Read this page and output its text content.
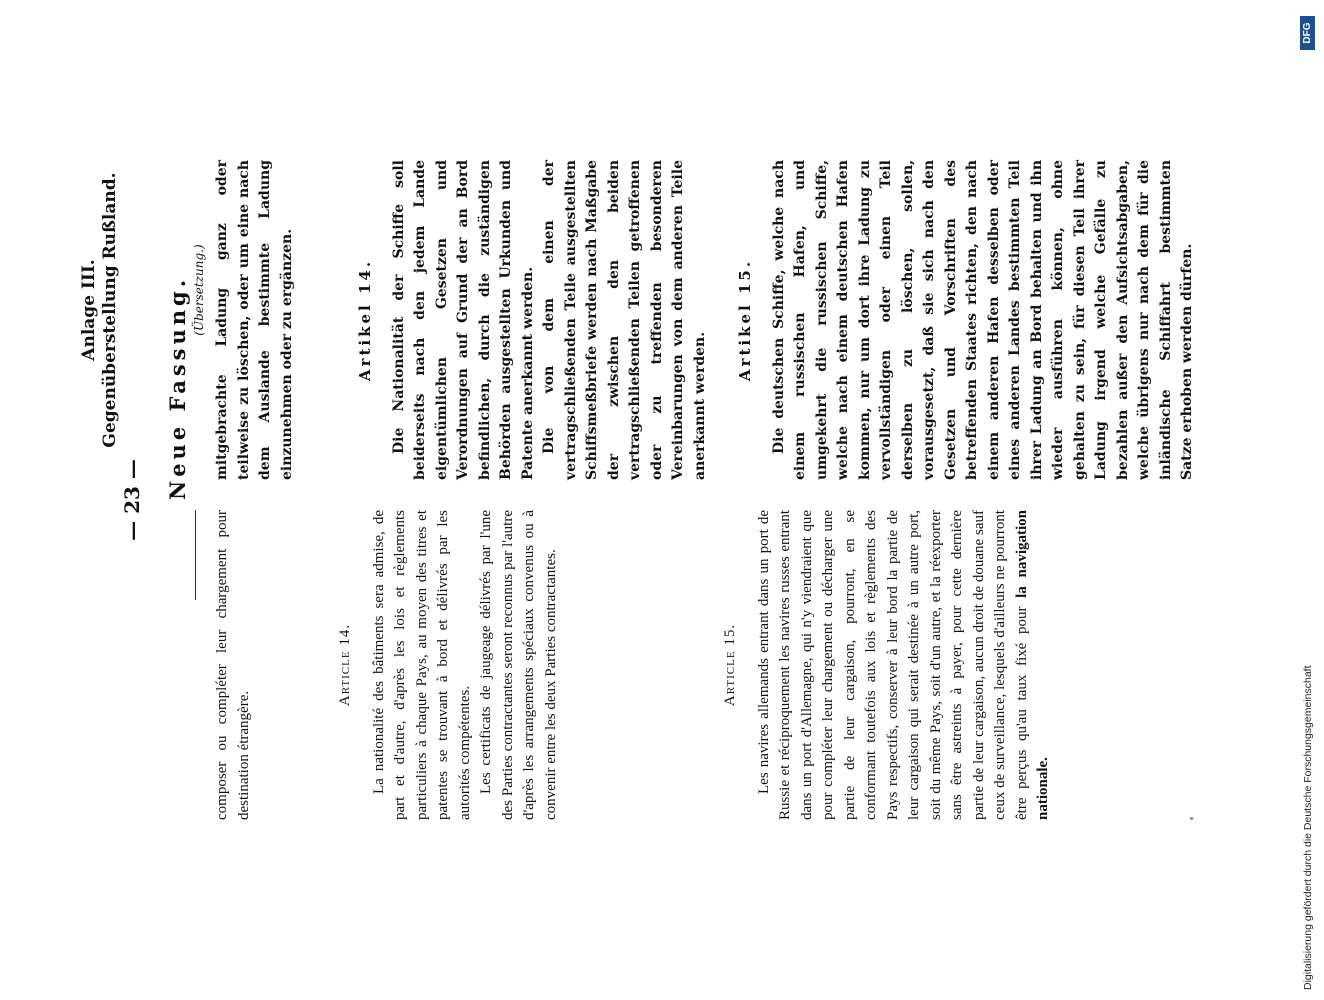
Anlage III. Gegenüberstellung Rußland.
— 23 —
Neue Fassung. (Übersetzung.)

composer ou compléter leur chargement pour destination étrangère.

Article 14. La nationalité des bâtiments sera admise, de part et d'autre, d'après les lois et règlements particuliers à chaque Pays, au moyen des titres et patentes se trouvant à bord et délivrés par les autorités compétentes. Les certificats de jaugeage délivrés par l'une des Parties contractantes seront reconnus par l'autre d'après les arrangements spéciaux convenus ou à convenir entre les deux Parties contractantes.	Article 15. Les navires allemands entrant dans un port de Russie et réciproquement les navires russes entrant dans un port d'Allemagne, qui n'y viendraient que pour compléter leur chargement ou décharger une partie de leur cargaison, pourront, en se conformant toutefois aux lois et règlements des Pays respectifs, conserver à leur bord la partie de leur cargaison qui serait destinée à un autre port, soit du même Pays, soit d'un autre, et la réexporter sans être astreints à payer, pour cette dernière partie de leur cargaison, aucun droit de douane sauf ceux de surveillance, lesquels d'ailleurs ne pourront être perçus qu'au taux fixé pour la navigation nationale.

mitgebrachte Ladung ganz oder teilweise zu löschen, oder um eine nach dem Auslande bestimmte Ladung einzunehmen oder zu ergänzen.	Artikel 14. Die Nationalität der Schiffe soll beiderseits nach den jedem Lande eigentümlichen Gesetzen und Verordnungen auf Grund der an Bord befindlichen, durch die zuständigen Behörden ausgestellten Urkunden und Patente anerkannt werden. Die von dem einen der vertragschließenden Teile ausgestellten Schiffsmeßbriefe werden nach Maßgabe der zwischen den beiden vertragschließenden Teilen getroffenen oder zu treffenden besonderen Vereinbarungen von dem anderen Teile anerkannt werden.

Artikel 15. Die deutschen Schiffe, welche nach einem russischen Hafen, und umgekehrt die russischen Schiffe, welche nach einem deutschen Hafen kommen, nur um dort ihre Ladung zu vervollständigen oder einen Teil derselben zu löschen, sollen, vorausgesetzt, daß sie sich nach den Gesetzen und Vorschriften des betreffenden Staates richten, den nach einem anderen Hafen desselben oder eines anderen Landes bestimmten Teil ihrer Ladung an Bord behalten und ihn wieder ausführen können, ohne gehalten zu sein, für diesen Teil ihrer Ladung irgend welche Gefälle zu bezahlen außer den Aufsichtsabgaben, welche übrigens nur nach dem für die inländische Schiffahrt bestimmten Satze erhoben werden dürfen.

Digitalisierung gefördert durch die Deutsche Forschungsgemeinschaft
DFG
